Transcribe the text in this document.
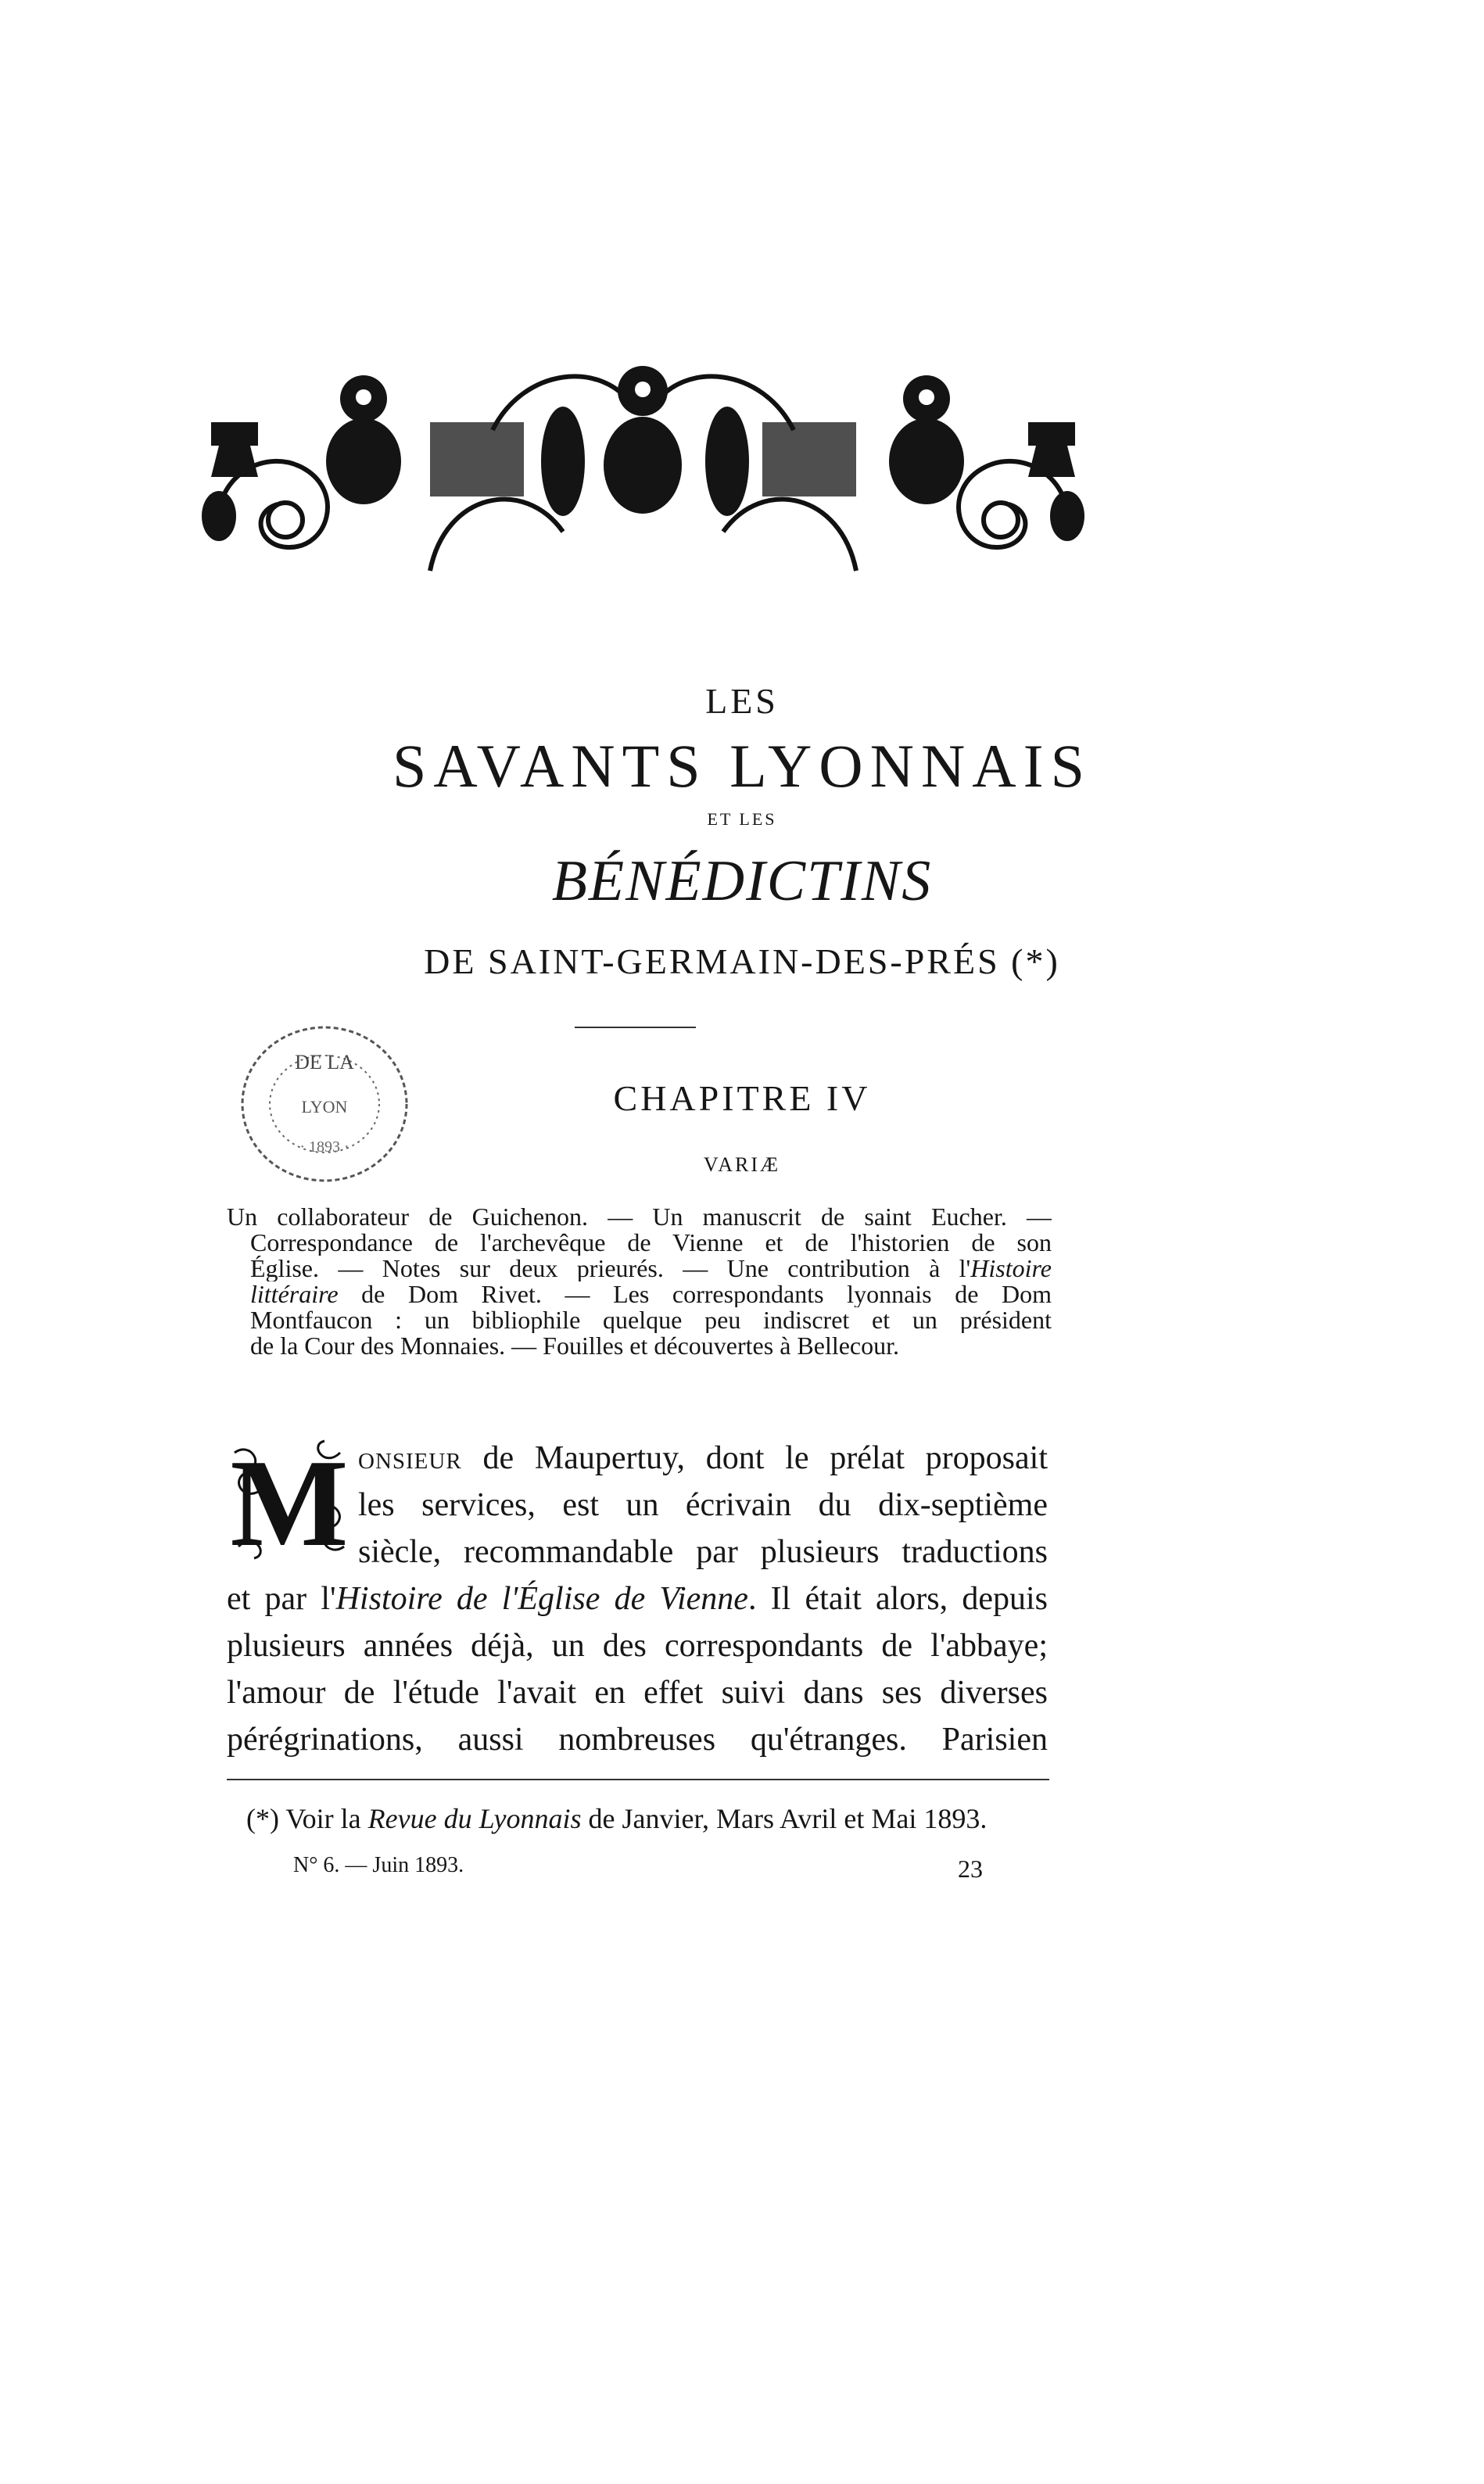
LES
SAVANTS LYONNAIS
ET LES
BÉNÉDICTINS
DE SAINT-GERMAIN-DES-PRÉS (*)
DE LA
LYON
· 1893 ·
CHAPITRE IV
VARIÆ
Un collaborateur de Guichenon. — Un manuscrit de saint Eucher. —
Correspondance de l'archevêque de Vienne et de l'historien de son
Église. — Notes sur deux prieurés. — Une contribution à l'Histoire
littéraire de Dom Rivet. — Les correspondants lyonnais de Dom
Montfaucon : un bibliophile quelque peu indiscret et un président
de la Cour des Monnaies. — Fouilles et découvertes à Bellecour.
M onsieur de Maupertuy, dont le prélat proposait
les services, est un écrivain du dix-septième
siècle, recommandable par plusieurs traductions
et par l'Histoire de l'Église de Vienne. Il était alors, depuis
plusieurs années déjà, un des correspondants de l'abbaye;
l'amour de l'étude l'avait en effet suivi dans ses diverses
pérégrinations, aussi nombreuses qu'étranges. Parisien
(*) Voir la Revue du Lyonnais de Janvier, Mars Avril et Mai 1893.
N° 6. — Juin 1893.	23
